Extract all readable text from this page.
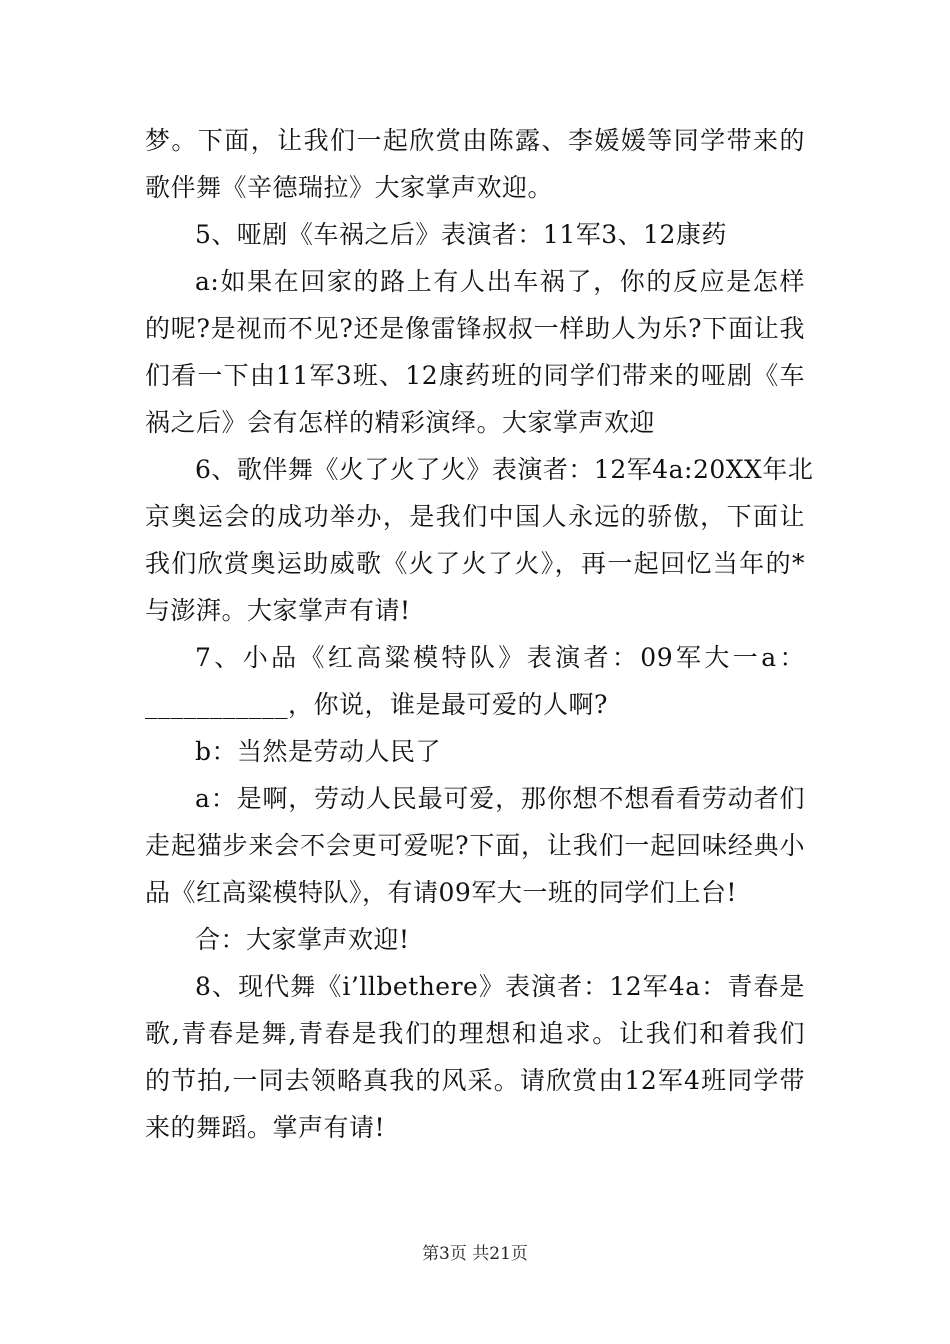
梦。下面，让我们一起欣赏由陈露、李媛媛等同学带来的
歌伴舞《辛德瑞拉》大家掌声欢迎。
5、哑剧《车祸之后》表演者：11军3、12康药
a:如果在回家的路上有人出车祸了，你的反应是怎样
的呢?是视而不见?还是像雷锋叔叔一样助人为乐?下面让我
们看一下由11军3班、12康药班的同学们带来的哑剧《车
祸之后》会有怎样的精彩演绎。大家掌声欢迎
6、歌伴舞《火了火了火》表演者：12军4a:20XX年北
京奥运会的成功举办，是我们中国人永远的骄傲，下面让
我们欣赏奥运助威歌《火了火了火》，再一起回忆当年的*
与澎湃。大家掌声有请!
7、小品《红高粱模特队》表演者：09军大一a：
___________，你说，谁是最可爱的人啊?
b：当然是劳动人民了
a：是啊，劳动人民最可爱，那你想不想看看劳动者们
走起猫步来会不会更可爱呢?下面，让我们一起回味经典小
品《红高粱模特队》，有请09军大一班的同学们上台!
合：大家掌声欢迎!
8、现代舞《i’llbethere》表演者：12军4a：青春是
歌,青春是舞,青春是我们的理想和追求。让我们和着我们
的节拍,一同去领略真我的风采。请欣赏由12军4班同学带
来的舞蹈。掌声有请!
第3页 共21页
